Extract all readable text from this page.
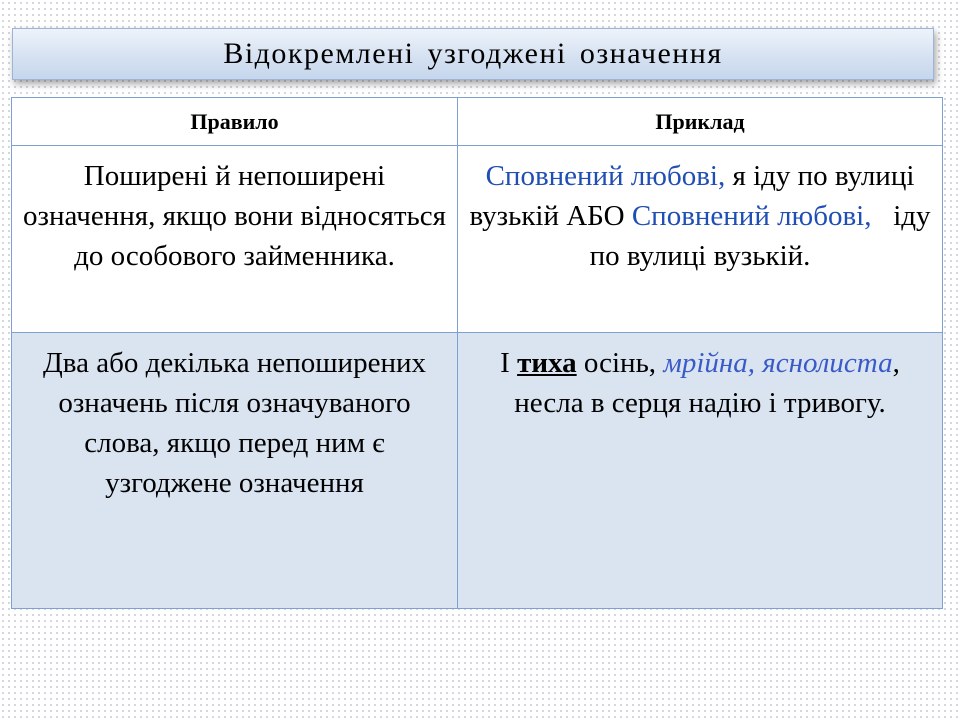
Відокремлені узгоджені означення
Правило	Приклад
Поширені й непоширені означення, якщо вони відносяться до особового займенника.	Сповнений любові, я іду по вулиці вузькій АБО Сповнений любові,   іду по вулиці вузькій.
Два або декілька непоширених означень після означуваного слова, якщо перед ним є узгоджене означення	І тиха осінь, мрійна, яснолиста, несла в серця надію і тривогу.
